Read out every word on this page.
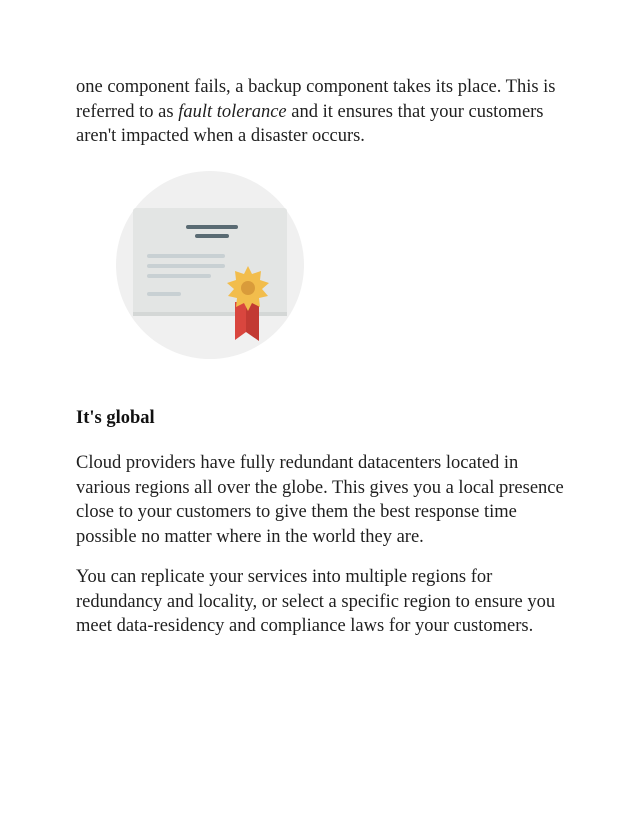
one component fails, a backup component takes its place. This is referred to as fault tolerance and it ensures that your customers aren't impacted when a disaster occurs.

It's global

Cloud providers have fully redundant datacenters located in various regions all over the globe. This gives you a local presence close to your customers to give them the best response time possible no matter where in the world they are.

You can replicate your services into multiple regions for redundancy and locality, or select a specific region to ensure you meet data-residency and compliance laws for your customers.
